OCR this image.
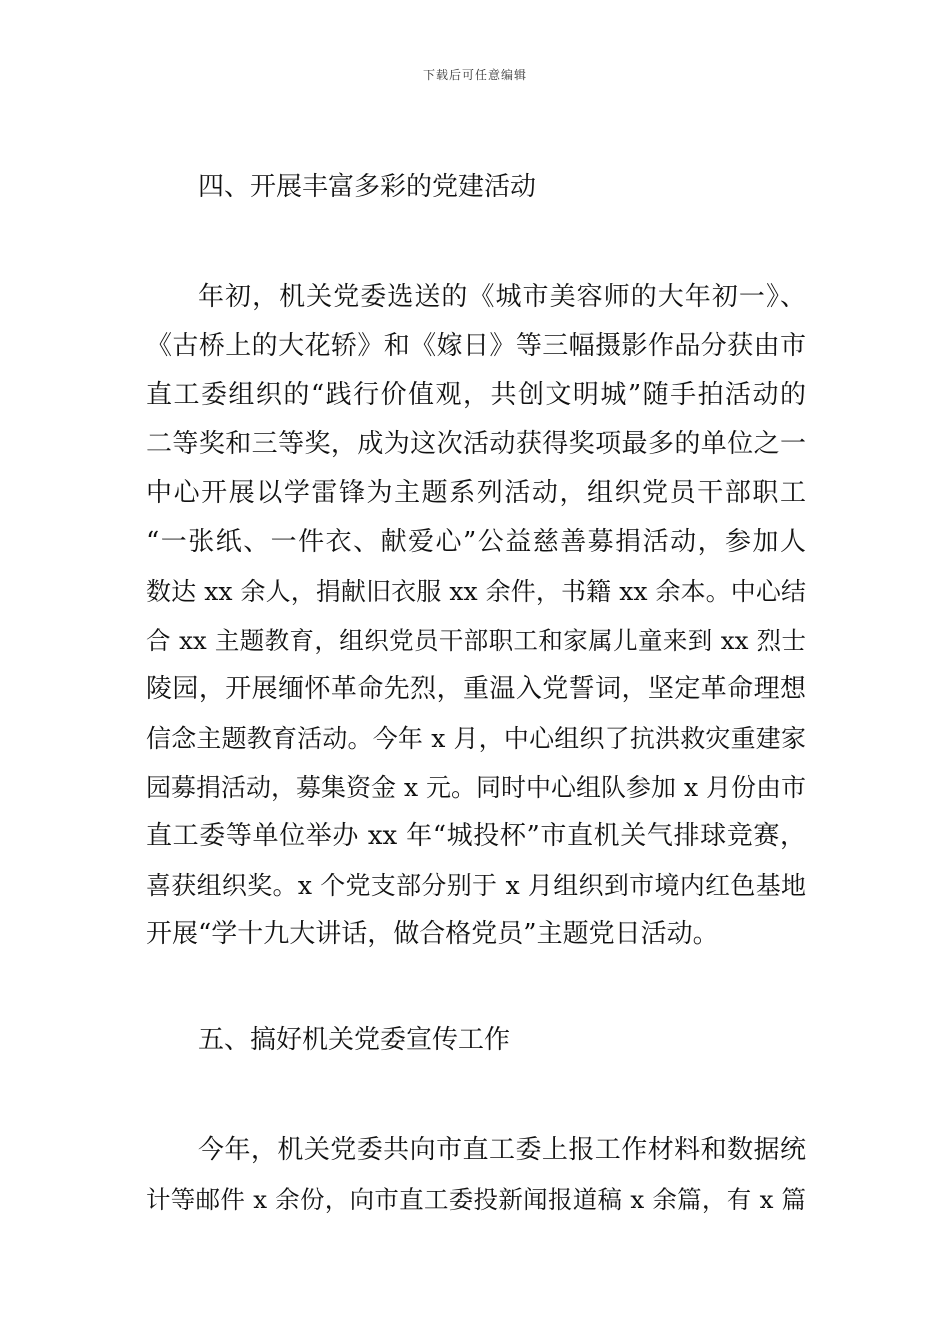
下载后可任意编辑
四、开展丰富多彩的党建活动
年初，机关党委选送的《城市美容师的大年初一》、
《古桥上的大花轿》和《嫁日》等三幅摄影作品分获由市
直工委组织的“践行价值观，共创文明城”随手拍活动的
二等奖和三等奖，成为这次活动获得奖项最多的单位之一
中心开展以学雷锋为主题系列活动，组织党员干部职工
“一张纸、一件衣、献爱心”公益慈善募捐活动，参加人
数达 xx 余人，捐献旧衣服 xx 余件，书籍 xx 余本。中心结
合 xx 主题教育，组织党员干部职工和家属儿童来到 xx 烈士
陵园，开展缅怀革命先烈，重温入党誓词，坚定革命理想
信念主题教育活动。今年 x 月，中心组织了抗洪救灾重建家
园募捐活动，募集资金 x 元。同时中心组队参加 x 月份由市
直工委等单位举办 xx 年“城投杯”市直机关气排球竞赛，
喜获组织奖。x 个党支部分别于 x 月组织到市境内红色基地
开展“学十九大讲话，做合格党员”主题党日活动。
五、搞好机关党委宣传工作
今年，机关党委共向市直工委上报工作材料和数据统
计等邮件 x 余份，向市直工委投新闻报道稿 x 余篇，有 x 篇
